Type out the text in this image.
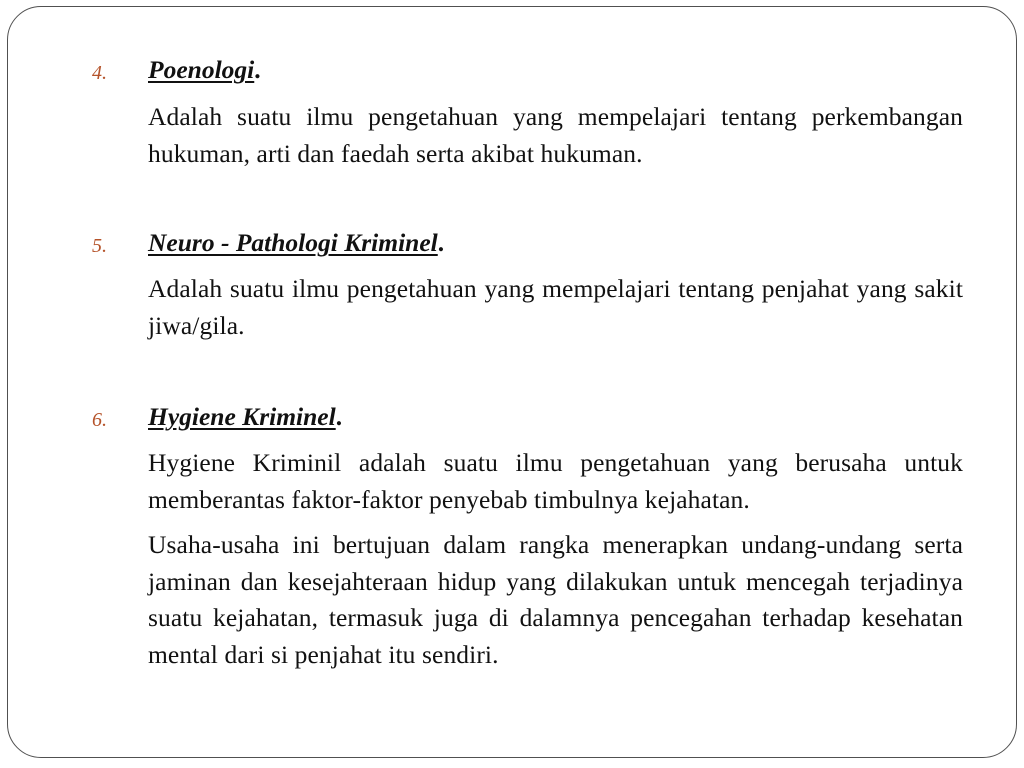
4. Poenologi.

Adalah suatu ilmu pengetahuan yang mempelajari tentang perkembangan hukuman, arti dan faedah serta akibat hukuman.

5. Neuro - Pathologi Kriminel.

Adalah suatu ilmu pengetahuan yang mempelajari tentang penjahat yang sakit jiwa/gila.

6. Hygiene Kriminel.

Hygiene Kriminil adalah suatu ilmu pengetahuan yang berusaha untuk memberantas faktor-faktor penyebab timbulnya kejahatan.

Usaha-usaha ini bertujuan dalam rangka menerapkan undang-undang serta jaminan dan kesejahteraan hidup yang dilakukan untuk mencegah terjadinya suatu kejahatan, termasuk juga di dalamnya pencegahan terhadap kesehatan mental dari si penjahat itu sendiri.
